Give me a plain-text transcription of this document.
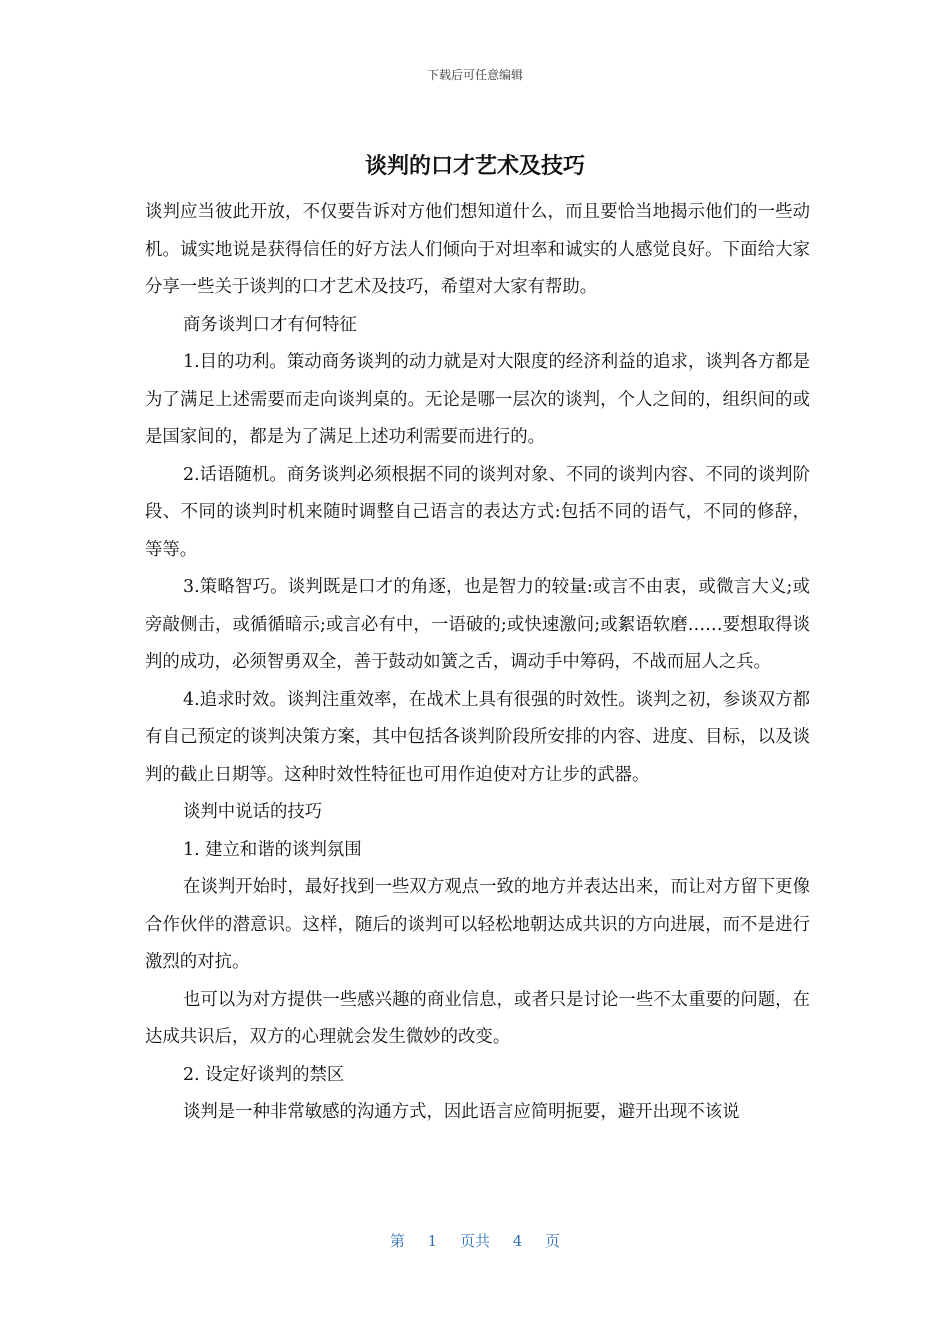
下载后可任意编辑
谈判的口才艺术及技巧

谈判应当彼此开放，不仅要告诉对方他们想知道什么，而且要恰当地揭示他们的一些动机。诚实地说是获得信任的好方法人们倾向于对坦率和诚实的人感觉良好。下面给大家分享一些关于谈判的口才艺术及技巧，希望对大家有帮助。

商务谈判口才有何特征

1.目的功利。策动商务谈判的动力就是对大限度的经济利益的追求，谈判各方都是为了满足上述需要而走向谈判桌的。无论是哪一层次的谈判，个人之间的，组织间的或是国家间的，都是为了满足上述功利需要而进行的。

2.话语随机。商务谈判必须根据不同的谈判对象、不同的谈判内容、不同的谈判阶段、不同的谈判时机来随时调整自己语言的表达方式:包括不同的语气，不同的修辞，等等。

3.策略智巧。谈判既是口才的角逐，也是智力的较量:或言不由衷，或微言大义;或旁敲侧击，或循循暗示;或言必有中，一语破的;或快速激问;或絮语软磨……要想取得谈判的成功，必须智勇双全，善于鼓动如簧之舌，调动手中筹码，不战而屈人之兵。

4.追求时效。谈判注重效率，在战术上具有很强的时效性。谈判之初，参谈双方都有自己预定的谈判决策方案，其中包括各谈判阶段所安排的内容、进度、目标，以及谈判的截止日期等。这种时效性特征也可用作迫使对方让步的武器。

谈判中说话的技巧

1. 建立和谐的谈判氛围

在谈判开始时，最好找到一些双方观点一致的地方并表达出来，而让对方留下更像合作伙伴的潜意识。这样，随后的谈判可以轻松地朝达成共识的方向进展，而不是进行激烈的对抗。

也可以为对方提供一些感兴趣的商业信息，或者只是讨论一些不太重要的问题，在达成共识后，双方的心理就会发生微妙的改变。

2. 设定好谈判的禁区

谈判是一种非常敏感的沟通方式，因此语言应简明扼要，避开出现不该说

第 1 页共 4 页
